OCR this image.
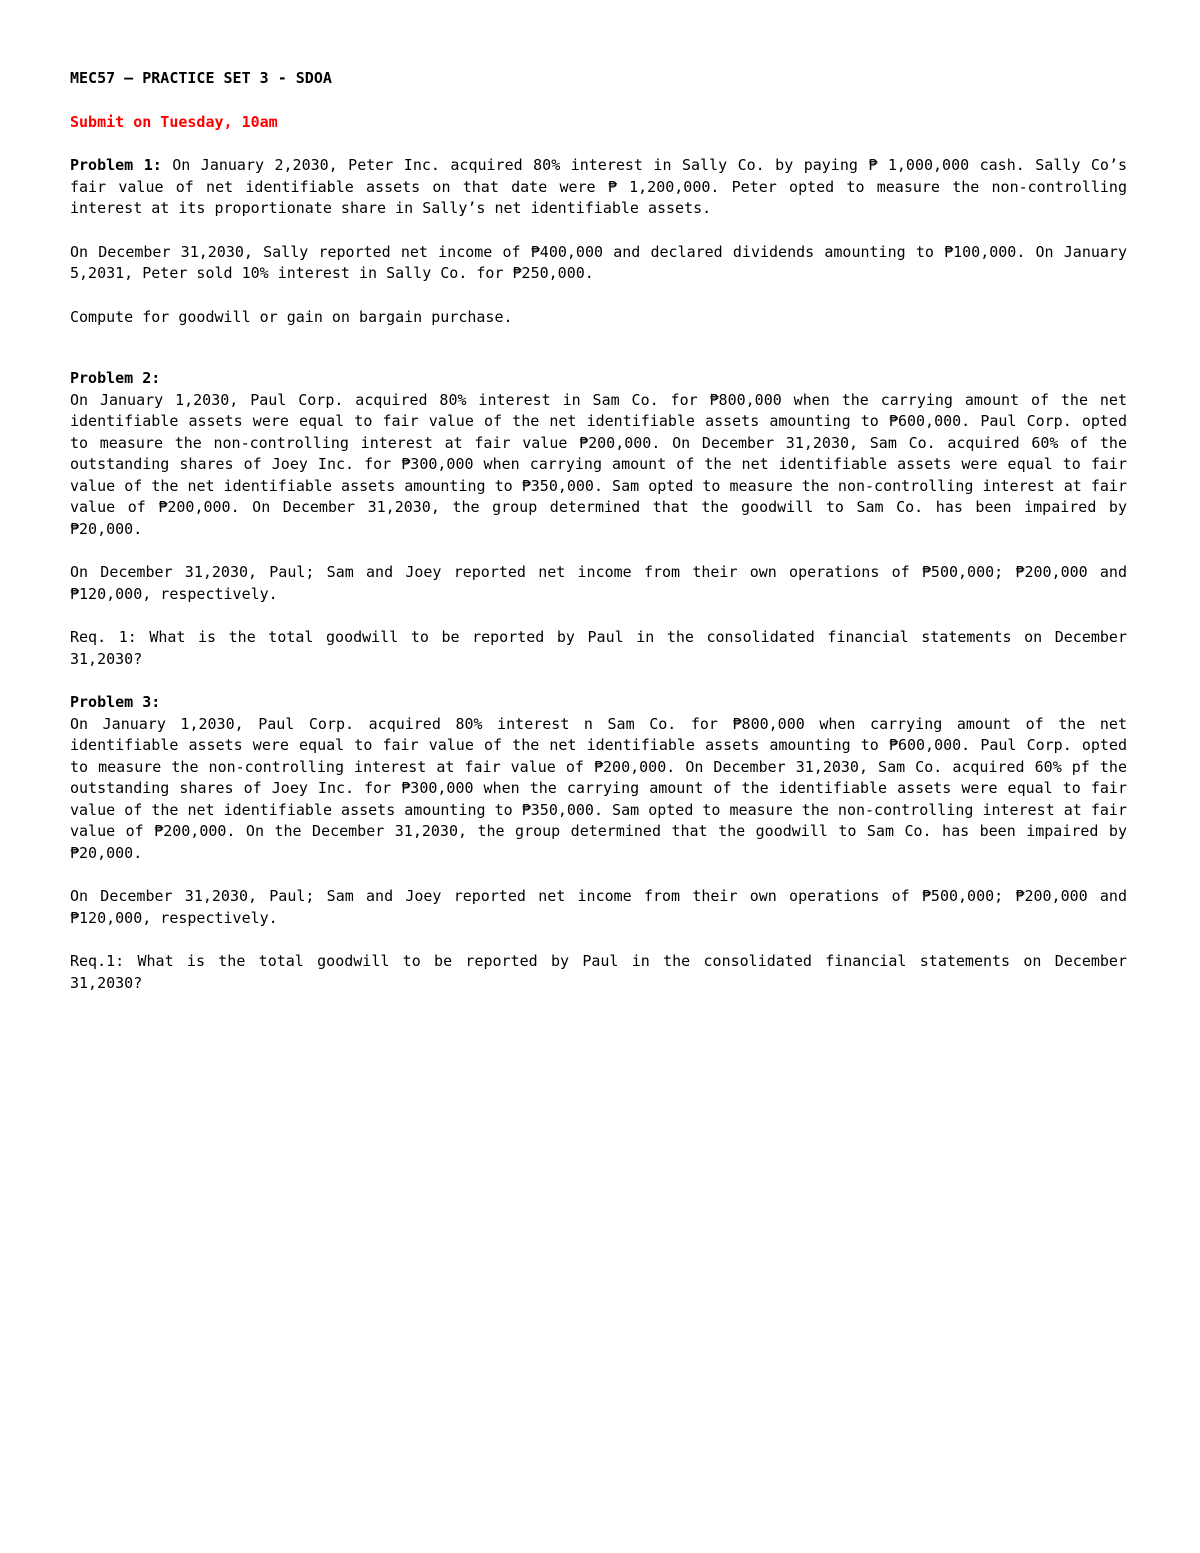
MEC57 – PRACTICE SET 3 - SDOA
Submit on Tuesday, 10am

Problem 1: On January 2,2030, Peter Inc. acquired 80% interest in Sally Co. by paying ₱ 1,000,000 cash. Sally Co’s fair value of net identifiable assets on that date were ₱ 1,200,000. Peter opted to measure the non-controlling interest at its proportionate share in Sally’s net identifiable assets.

On December 31,2030, Sally reported net income of ₱400,000 and declared dividends amounting to ₱100,000. On January 5,2031, Peter sold 10% interest in Sally Co. for ₱250,000.

Compute for goodwill or gain on bargain purchase.

Problem 2:

On January 1,2030, Paul Corp. acquired 80% interest in Sam Co. for ₱800,000 when the carrying amount of the net identifiable assets were equal to fair value of the net identifiable assets amounting to ₱600,000. Paul Corp. opted to measure the non-controlling interest at fair value ₱200,000. On December 31,2030, Sam Co. acquired 60% of the outstanding shares of Joey Inc. for ₱300,000 when carrying amount of the net identifiable assets were equal to fair value of the net identifiable assets amounting to ₱350,000. Sam opted to measure the non-controlling interest at fair value of ₱200,000. On December 31,2030, the group determined that the goodwill to Sam Co. has been impaired by ₱20,000.

On December 31,2030, Paul; Sam and Joey reported net income from their own operations of ₱500,000; ₱200,000 and ₱120,000, respectively.

Req. 1: What is the total goodwill to be reported by Paul in the consolidated financial statements on December 31,2030?

Problem 3:

On January 1,2030, Paul Corp. acquired 80% interest n Sam Co. for ₱800,000 when carrying amount of the net identifiable assets were equal to fair value of the net identifiable assets amounting to ₱600,000. Paul Corp. opted to measure the non-controlling interest at fair value of ₱200,000. On December 31,2030, Sam Co. acquired 60% pf the outstanding shares of Joey Inc. for ₱300,000 when the carrying amount of the identifiable assets were equal to fair value of the net identifiable assets amounting to ₱350,000. Sam opted to measure the non-controlling interest at fair value of ₱200,000. On the December 31,2030, the group determined that the goodwill to Sam Co. has been impaired by ₱20,000.

On December 31,2030, Paul; Sam and Joey reported net income from their own operations of ₱500,000; ₱200,000 and ₱120,000, respectively.

Req.1: What is the total goodwill to be reported by Paul in the consolidated financial statements on December 31,2030?
